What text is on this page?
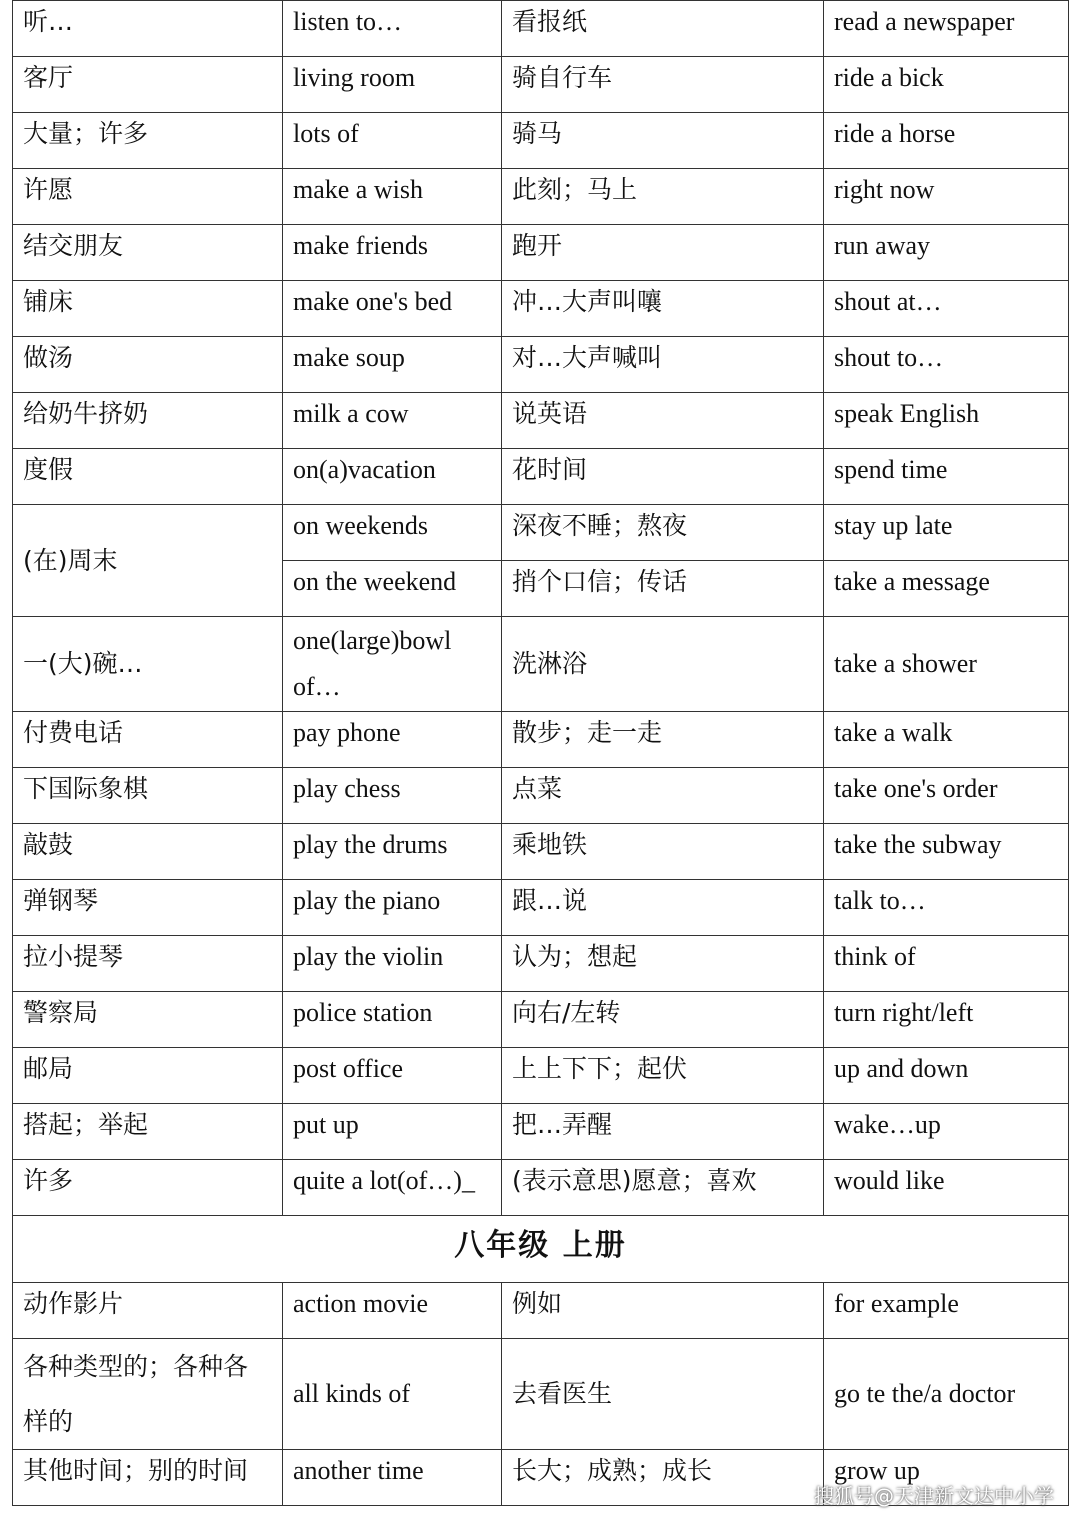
听…	listen to…	看报纸	read a newspaper
客厅	living room	骑自行车	ride a bick
大量；许多	lots of	骑马	ride a horse
许愿	make a wish	此刻；马上	right now
结交朋友	make friends	跑开	run away
铺床	make one's bed	冲…大声叫嚷	shout at…
做汤	make soup	对…大声喊叫	shout to…
给奶牛挤奶	milk a cow	说英语	speak English
度假	on(a)vacation	花时间	spend time
(在)周末	on weekends	深夜不睡；熬夜	stay up late
	on the weekend	捎个口信；传话	take a message
一(大)碗…	one(large)bowl of…	洗淋浴	take a shower
付费电话	pay phone	散步；走一走	take a walk
下国际象棋	play chess	点菜	take one's order
敲鼓	play the drums	乘地铁	take the subway
弹钢琴	play the piano	跟…说	talk to…
拉小提琴	play the violin	认为；想起	think of
警察局	police station	向右/左转	turn right/left
邮局	post office	上上下下；起伏	up and down
搭起；举起	put up	把…弄醒	wake…up
许多	quite a lot(of…)_	(表示意思)愿意；喜欢	would like
八年级 上册			
动作影片	action movie	例如	for example
各种类型的；各种各样的	all kinds of	去看医生	go te the/a doctor
其他时间；别的时间	another time	长大；成熟；成长	grow up
搜狐号@天津新文达中小学
